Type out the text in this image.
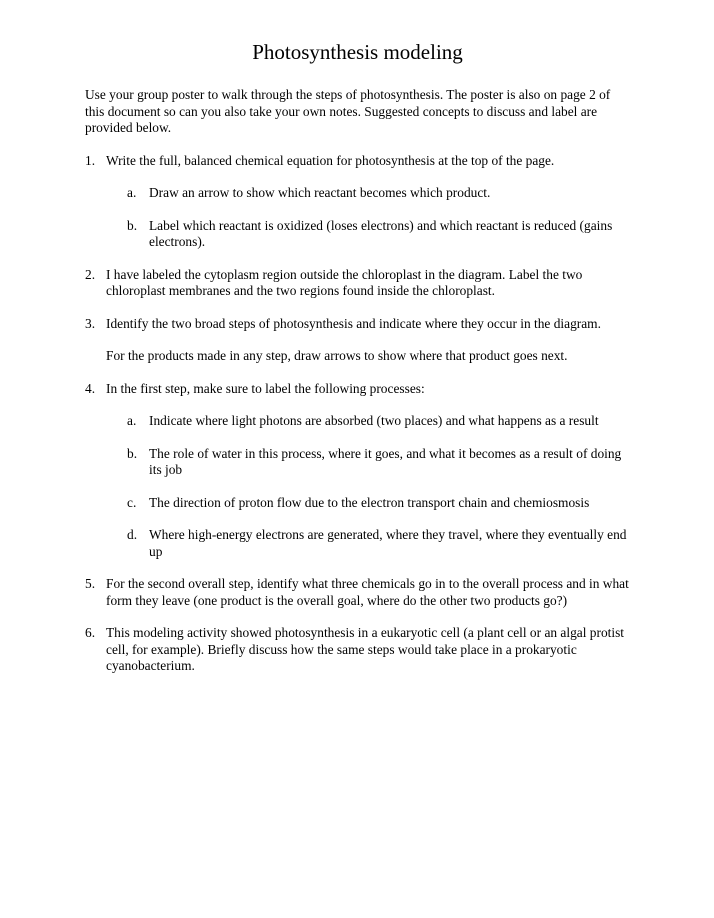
Photosynthesis modeling

Use your group poster to walk through the steps of photosynthesis. The poster is also on page 2 of this document so can you also take your own notes. Suggested concepts to discuss and label are provided below.

1. Write the full, balanced chemical equation for photosynthesis at the top of the page.
a. Draw an arrow to show which reactant becomes which product.
b. Label which reactant is oxidized (loses electrons) and which reactant is reduced (gains electrons).
2. I have labeled the cytoplasm region outside the chloroplast in the diagram. Label the two chloroplast membranes and the two regions found inside the chloroplast.
3. Identify the two broad steps of photosynthesis and indicate where they occur in the diagram.
For the products made in any step, draw arrows to show where that product goes next.
4. In the first step, make sure to label the following processes:
a. Indicate where light photons are absorbed (two places) and what happens as a result
b. The role of water in this process, where it goes, and what it becomes as a result of doing its job
c. The direction of proton flow due to the electron transport chain and chemiosmosis
d. Where high-energy electrons are generated, where they travel, where they eventually end up
5. For the second overall step, identify what three chemicals go in to the overall process and in what form they leave (one product is the overall goal, where do the other two products go?)
6. This modeling activity showed photosynthesis in a eukaryotic cell (a plant cell or an algal protist cell, for example). Briefly discuss how the same steps would take place in a prokaryotic cyanobacterium.
